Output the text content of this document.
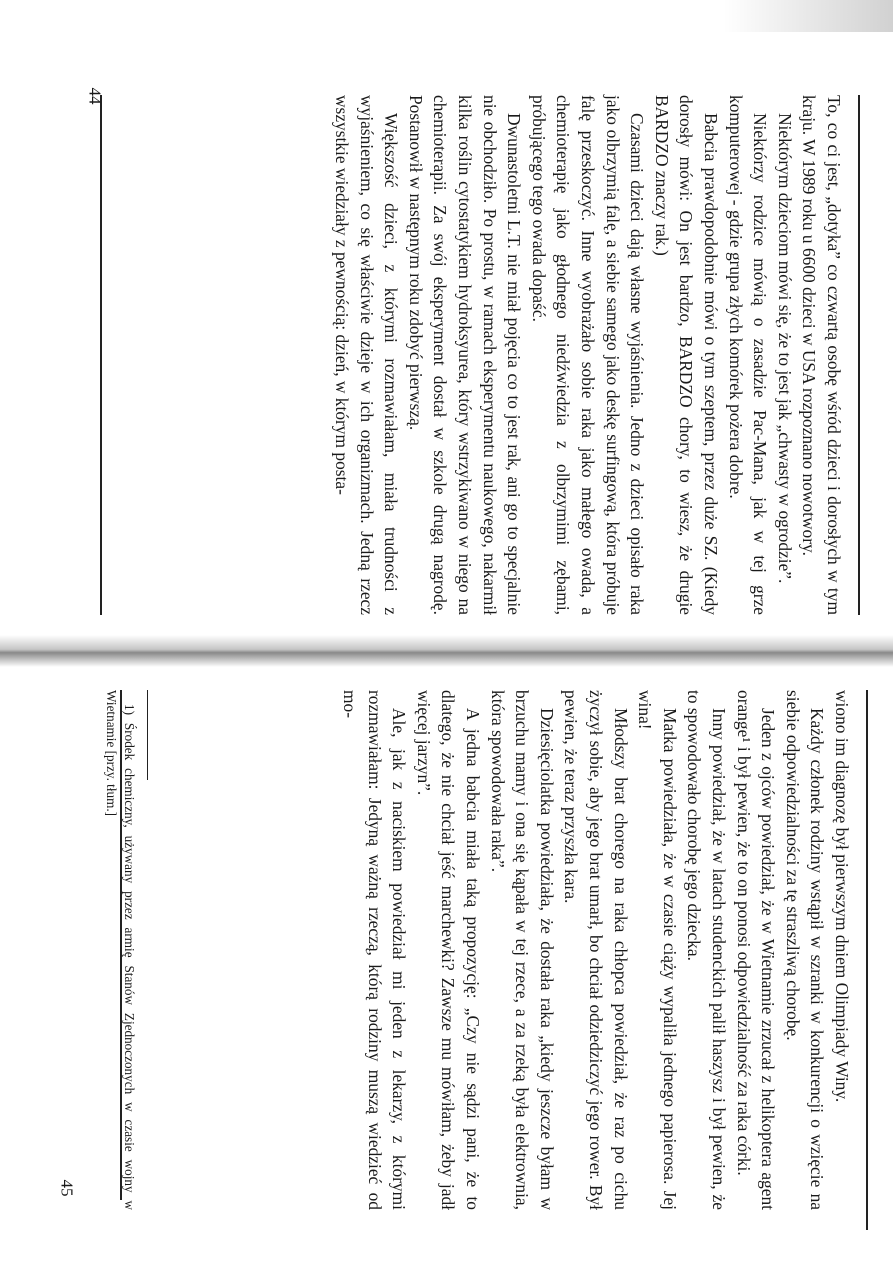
To, co ci jest, „dotyka” co czwartą osobę wśród dzieci i dorosłych w tym kraju. W 1989 roku u 6600 dzieci w USA rozpoznano nowotwory.

Niektórym dzieciom mówi się, że to jest jak „chwasty w ogrodzie”.

Niektórzy rodzice mówią o zasadzie Pac-Mana, jak w tej grze komputerowej - gdzie grupa złych komórek pożera dobre.

Babcia prawdopodobnie mówi o tym szeptem, przez duże SZ. (Kiedy dorosły mówi: On jest bardzo, BARDZO chory, to wiesz, że drugie BARDZO znaczy rak.)

Czasami dzieci dają własne wyjaśnienia. Jedno z dzieci opisało raka jako olbrzymią falę, a siebie samego jako deskę surfingową, która próbuje falę przeskoczyć. Inne wyobrażało sobie raka jako małego owada, a chemioterapię jako głodnego niedźwiedzia z olbrzymimi zębami, próbującego tego owada dopaść.

Dwunastoletni L.T. nie miał pojęcia co to jest rak, ani go to specjalnie nie obchodziło. Po prostu, w ramach eksperymentu naukowego, nakarmił kilka roślin cytostatykiem hydroksyurea, który wstrzykiwano w niego na chemioterapii. Za swój eksperyment dostał w szkole drugą nagrodę. Postanowił w następnym roku zdobyć pierwszą.

Większość dzieci, z którymi rozmawiałam, miała trudności z wyjaśnieniem, co się właściwie dzieje w ich organizmach. Jedną rzecz wszystkie wiedziały z pewnością: dzień, w którym posta-

44

wiono im diagnozę był pierwszym dniem Olimpiady Winy.

Każdy członek rodziny wstąpił w szranki w konkurencji o wzięcie na siebie odpowiedzialności za tę straszliwą chorobę.

Jeden z ojców powiedział, że w Wietnamie zrzucał z helikoptera agent orange¹ i był pewien, że to on ponosi odpowiedzialność za raka córki.

Inny powiedział, że w latach studenckich palił haszysz i był pewien, że to spowodowało chorobę jego dziecka.

Matka powiedziała, że w czasie ciąży wypaliła jednego papierosa. Jej wina!

Młodszy brat chorego na raka chłopca powiedział, że raz po cichu życzył sobie, aby jego brat umarł, bo chciał odziedziczyć jego rower. Był pewien, że teraz przyszła kara.

Dziesięciolatka powiedziała, że dostała raka „kiedy jeszcze byłam w brzuchu mamy i ona się kąpała w tej rzece, a za rzeką była elektrownia, która spowodowała raka”.

A jedna babcia miała taką propozycję: „Czy nie sądzi pani, że to dlatego, że nie chciał jeść marchewki? Zawsze mu mówiłam, żeby jadł więcej jarzyn”.

Ale, jak z naciskiem powiedział mi jeden z lekarzy, z którymi rozmawiałam: Jedyną ważną rzeczą, którą rodziny muszą wiedzieć od mo-

1) Środek chemiczny, używany przez armię Stanów Zjednoczonych w czasie wojny w Wietnamie [przy. tłum.]
45
